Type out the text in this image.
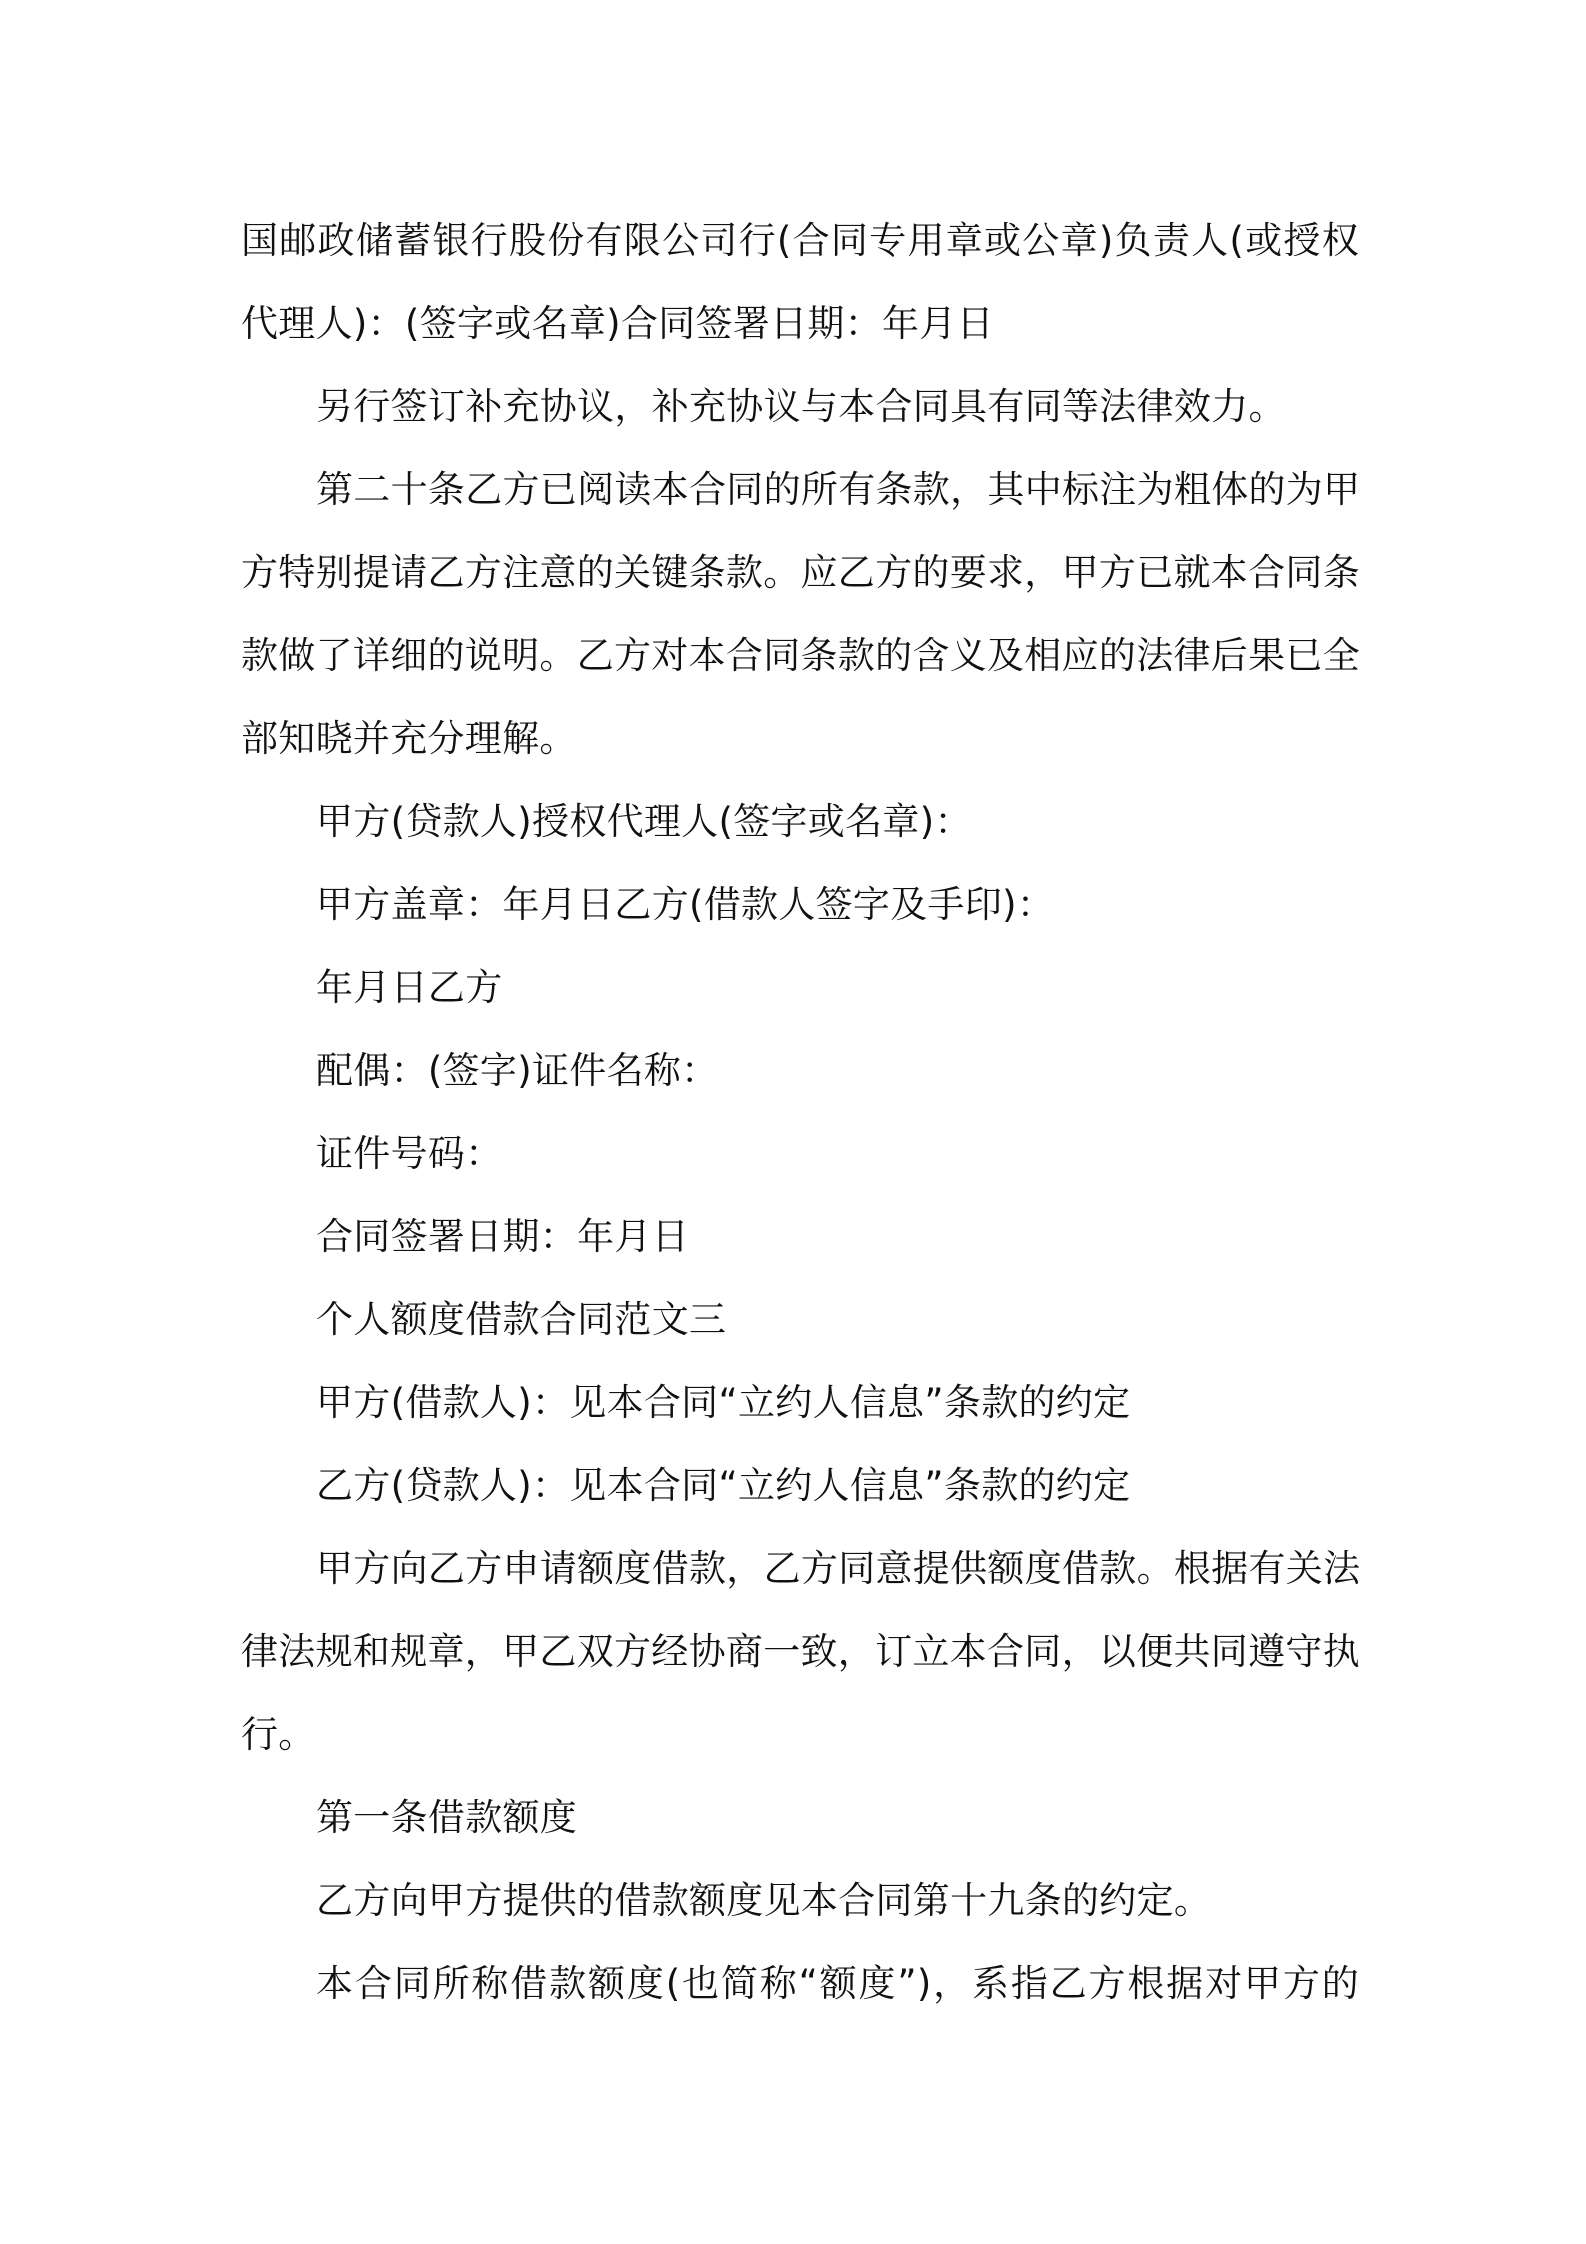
国邮政储蓄银行股份有限公司行(合同专用章或公章)负责人(或授权
代理人)：(签字或名章)合同签署日期：年月日

另行签订补充协议，补充协议与本合同具有同等法律效力。

第二十条乙方已阅读本合同的所有条款，其中标注为粗体的为甲
方特别提请乙方注意的关键条款。应乙方的要求，甲方已就本合同条
款做了详细的说明。乙方对本合同条款的含义及相应的法律后果已全
部知晓并充分理解。

甲方(贷款人)授权代理人(签字或名章)：

甲方盖章：年月日乙方(借款人签字及手印)：

年月日乙方

配偶：(签字)证件名称：

证件号码：

合同签署日期：年月日

个人额度借款合同范文三

甲方(借款人)：见本合同“立约人信息”条款的约定

乙方(贷款人)：见本合同“立约人信息”条款的约定

甲方向乙方申请额度借款，乙方同意提供额度借款。根据有关法
律法规和规章，甲乙双方经协商一致，订立本合同，以便共同遵守执
行。

第一条借款额度

乙方向甲方提供的借款额度见本合同第十九条的约定。

本合同所称借款额度(也简称“额度”)，系指乙方根据对甲方的
